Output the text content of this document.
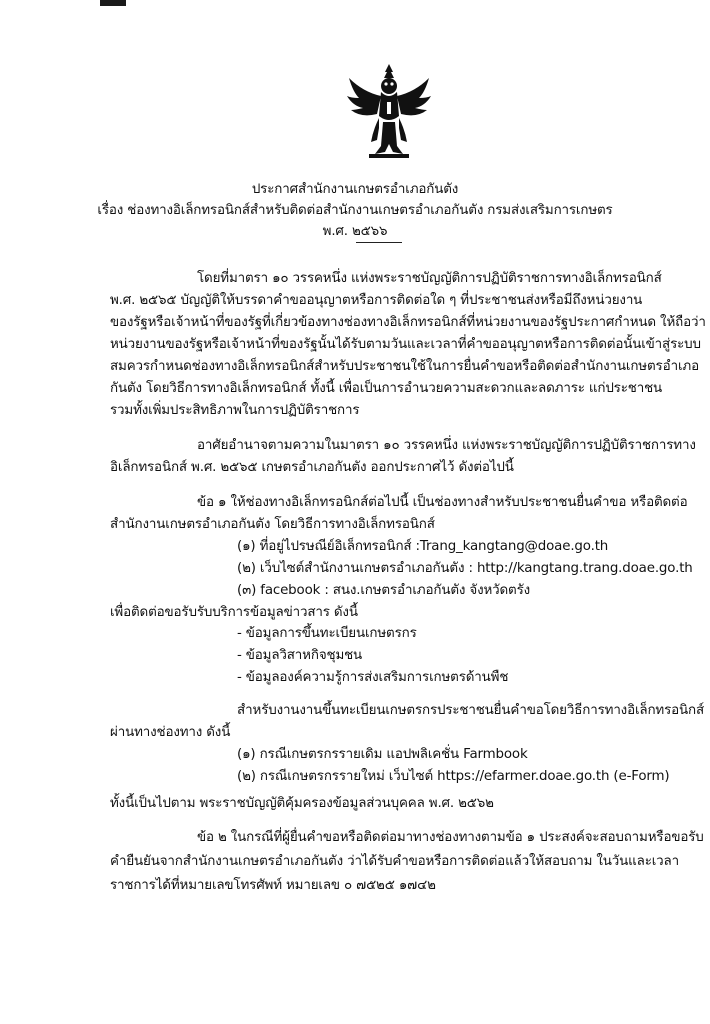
ประกาศสำนักงานเกษตรอำเภอกันตัง
เรื่อง ช่องทางอิเล็กทรอนิกส์สำหรับติดต่อสำนักงานเกษตรอำเภอกันตัง กรมส่งเสริมการเกษตร
พ.ศ. ๒๕๖๖
โดยที่มาตรา ๑๐ วรรคหนึ่ง แห่งพระราชบัญญัติการปฏิบัติราชการทางอิเล็กทรอนิกส์
พ.ศ. ๒๕๖๕ บัญญัติให้บรรดาคำขออนุญาตหรือการติดต่อใด ๆ ที่ประชาชนส่งหรือมีถึงหน่วยงาน
ของรัฐหรือเจ้าหน้าที่ของรัฐที่เกี่ยวข้องทางช่องทางอิเล็กทรอนิกส์ที่หน่วยงานของรัฐประกาศกำหนด ให้ถือว่า
หน่วยงานของรัฐหรือเจ้าหน้าที่ของรัฐนั้นได้รับตามวันและเวลาที่คำขออนุญาตหรือการติดต่อนั้นเข้าสู่ระบบ
สมควรกำหนดช่องทางอิเล็กทรอนิกส์สำหรับประชาชนใช้ในการยื่นคำขอหรือติดต่อสำนักงานเกษตรอำเภอ
กันตัง โดยวิธีการทางอิเล็กทรอนิกส์ ทั้งนี้ เพื่อเป็นการอำนวยความสะดวกและลดภาระ แก่ประชาชน
รวมทั้งเพิ่มประสิทธิภาพในการปฏิบัติราชการ
อาศัยอำนาจตามความในมาตรา ๑๐ วรรคหนึ่ง แห่งพระราชบัญญัติการปฏิบัติราชการทาง
อิเล็กทรอนิกส์ พ.ศ. ๒๕๖๕ เกษตรอำเภอกันตัง ออกประกาศไว้ ดังต่อไปนี้
ข้อ ๑ ให้ช่องทางอิเล็กทรอนิกส์ต่อไปนี้ เป็นช่องทางสำหรับประชาชนยื่นคำขอ หรือติดต่อ
สำนักงานเกษตรอำเภอกันตัง โดยวิธีการทางอิเล็กทรอนิกส์
(๑) ที่อยู่ไปรษณีย์อิเล็กทรอนิกส์ :Trang_kangtang@doae.go.th
(๒) เว็บไซต์สำนักงานเกษตรอำเภอกันตัง : http://kangtang.trang.doae.go.th
(๓) facebook : สนง.เกษตรอำเภอกันตัง จังหวัดตรัง
เพื่อติดต่อขอรับรับบริการข้อมูลข่าวสาร ดังนี้
- ข้อมูลการขึ้นทะเบียนเกษตรกร
- ข้อมูลวิสาหกิจชุมชน
- ข้อมูลองค์ความรู้การส่งเสริมการเกษตรด้านพืช
สำหรับงานงานขึ้นทะเบียนเกษตรกรประชาชนยื่นคำขอโดยวิธีการทางอิเล็กทรอนิกส์
ผ่านทางช่องทาง ดังนี้
(๑) กรณีเกษตรกรรายเดิม แอปพลิเคชั่น Farmbook
(๒) กรณีเกษตรกรรายใหม่ เว็บไซต์ https://efarmer.doae.go.th (e-Form)
ทั้งนี้เป็นไปตาม พระราชบัญญัติคุ้มครองข้อมูลส่วนบุคคล พ.ศ. ๒๕๖๒
ข้อ ๒ ในกรณีที่ผู้ยื่นคำขอหรือติดต่อมาทางช่องทางตามข้อ ๑ ประสงค์จะสอบถามหรือขอรับ
คำยืนยันจากสำนักงานเกษตรอำเภอกันตัง ว่าได้รับคำขอหรือการติดต่อแล้วให้สอบถาม ในวันและเวลา
ราชการได้ที่หมายเลขโทรศัพท์ หมายเลข ๐ ๗๕๒๕ ๑๗๔๒
